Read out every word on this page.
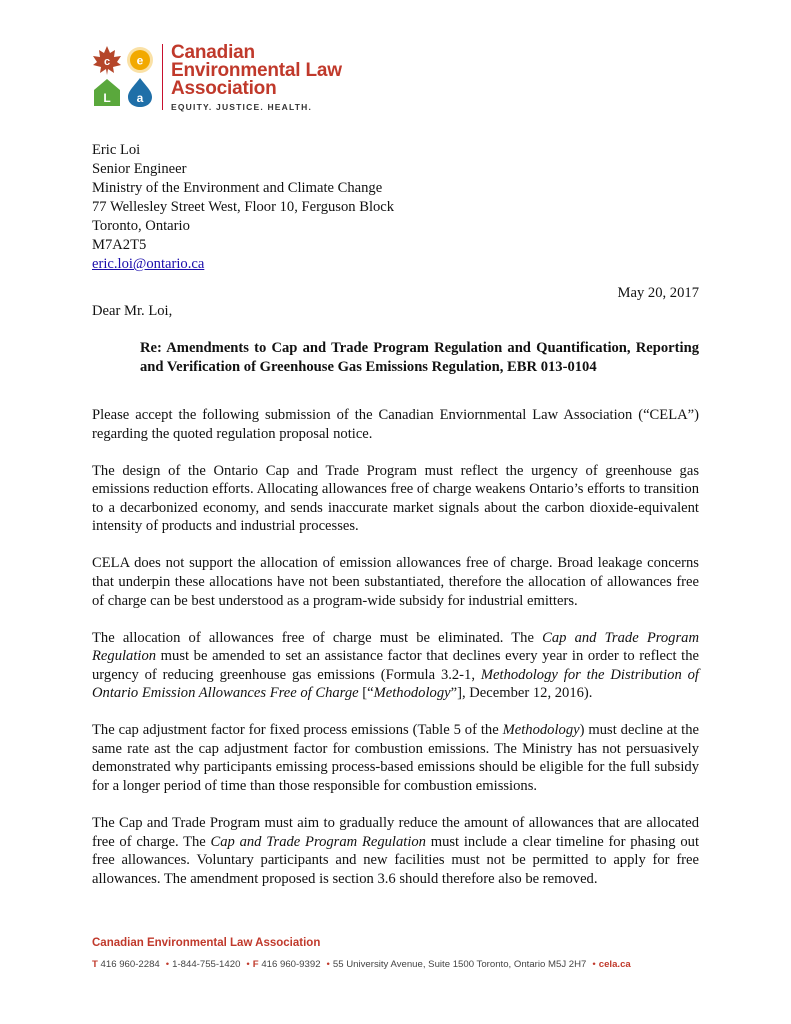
c e
L a
Canadian
Environmental Law
Association
EQUITY. JUSTICE. HEALTH.
Eric Loi
Senior Engineer
Ministry of the Environment and Climate Change
77 Wellesley Street West, Floor 10, Ferguson Block
Toronto, Ontario
M7A2T5
eric.loi@ontario.ca
May 20, 2017
Dear Mr. Loi,
Re: Amendments to Cap and Trade Program Regulation and Quantification, Reporting and Verification of Greenhouse Gas Emissions Regulation, EBR 013-0104

Please accept the following submission of the Canadian Enviornmental Law Association (“CELA”) regarding the quoted regulation proposal notice.

The design of the Ontario Cap and Trade Program must reflect the urgency of greenhouse gas emissions reduction efforts. Allocating allowances free of charge weakens Ontario’s efforts to transition to a decarbonized economy, and sends inaccurate market signals about the carbon dioxide-equivalent intensity of products and industrial processes.

CELA does not support the allocation of emission allowances free of charge. Broad leakage concerns that underpin these allocations have not been substantiated, therefore the allocation of allowances free of charge can be best understood as a program-wide subsidy for industrial emitters.

The allocation of allowances free of charge must be eliminated. The Cap and Trade Program Regulation must be amended to set an assistance factor that declines every year in order to reflect the urgency of reducing greenhouse gas emissions (Formula 3.2-1, Methodology for the Distribution of Ontario Emission Allowances Free of Charge [“Methodology”], December 12, 2016).

The cap adjustment factor for fixed process emissions (Table 5 of the Methodology) must decline at the same rate ast the cap adjustment factor for combustion emissions. The Ministry has not persuasively demonstrated why participants emissing process-based emissions should be eligible for the full subsidy for a longer period of time than those responsible for combustion emissions.

The Cap and Trade Program must aim to gradually reduce the amount of allowances that are allocated free of charge. The Cap and Trade Program Regulation must include a clear timeline for phasing out free allowances. Voluntary participants and new facilities must not be permitted to apply for free allowances. The amendment proposed is section 3.6 should therefore also be removed.

Canadian Environmental Law Association
T 416 960-2284 • 1-844-755-1420 • F 416 960-9392 • 55 University Avenue, Suite 1500 Toronto, Ontario M5J 2H7 • cela.ca
